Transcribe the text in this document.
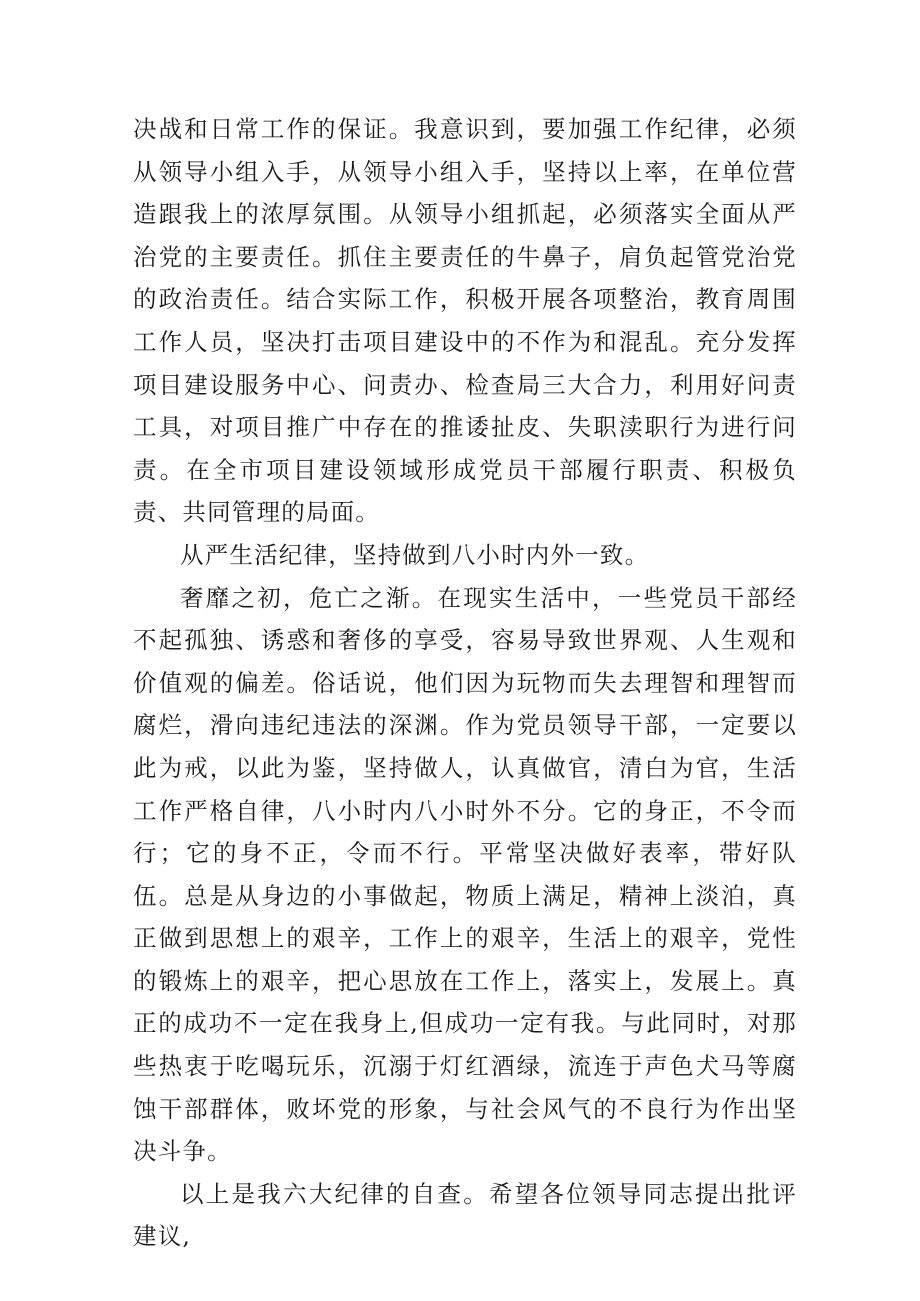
决战和日常工作的保证。我意识到，要加强工作纪律，必须从领导小组入手，从领导小组入手，坚持以上率，在单位营造跟我上的浓厚氛围。从领导小组抓起，必须落实全面从严治党的主要责任。抓住主要责任的牛鼻子，肩负起管党治党的政治责任。结合实际工作，积极开展各项整治，教育周围工作人员，坚决打击项目建设中的不作为和混乱。充分发挥项目建设服务中心、问责办、检查局三大合力，利用好问责工具，对项目推广中存在的推诿扯皮、失职渎职行为进行问责。在全市项目建设领域形成党员干部履行职责、积极负责、共同管理的局面。

从严生活纪律，坚持做到八小时内外一致。

奢靡之初，危亡之渐。在现实生活中，一些党员干部经不起孤独、诱惑和奢侈的享受，容易导致世界观、人生观和价值观的偏差。俗话说，他们因为玩物而失去理智和理智而腐烂，滑向违纪违法的深渊。作为党员领导干部，一定要以此为戒，以此为鉴，坚持做人，认真做官，清白为官，生活工作严格自律，八小时内八小时外不分。它的身正，不令而行；它的身不正，令而不行。平常坚决做好表率，带好队伍。总是从身边的小事做起，物质上满足，精神上淡泊，真正做到思想上的艰辛，工作上的艰辛，生活上的艰辛，党性的锻炼上的艰辛，把心思放在工作上，落实上，发展上。真正的成功不一定在我身上,但成功一定有我。与此同时，对那些热衷于吃喝玩乐，沉溺于灯红酒绿，流连于声色犬马等腐蚀干部群体，败坏党的形象，与社会风气的不良行为作出坚决斗争。

以上是我六大纪律的自查。希望各位领导同志提出批评建议,
